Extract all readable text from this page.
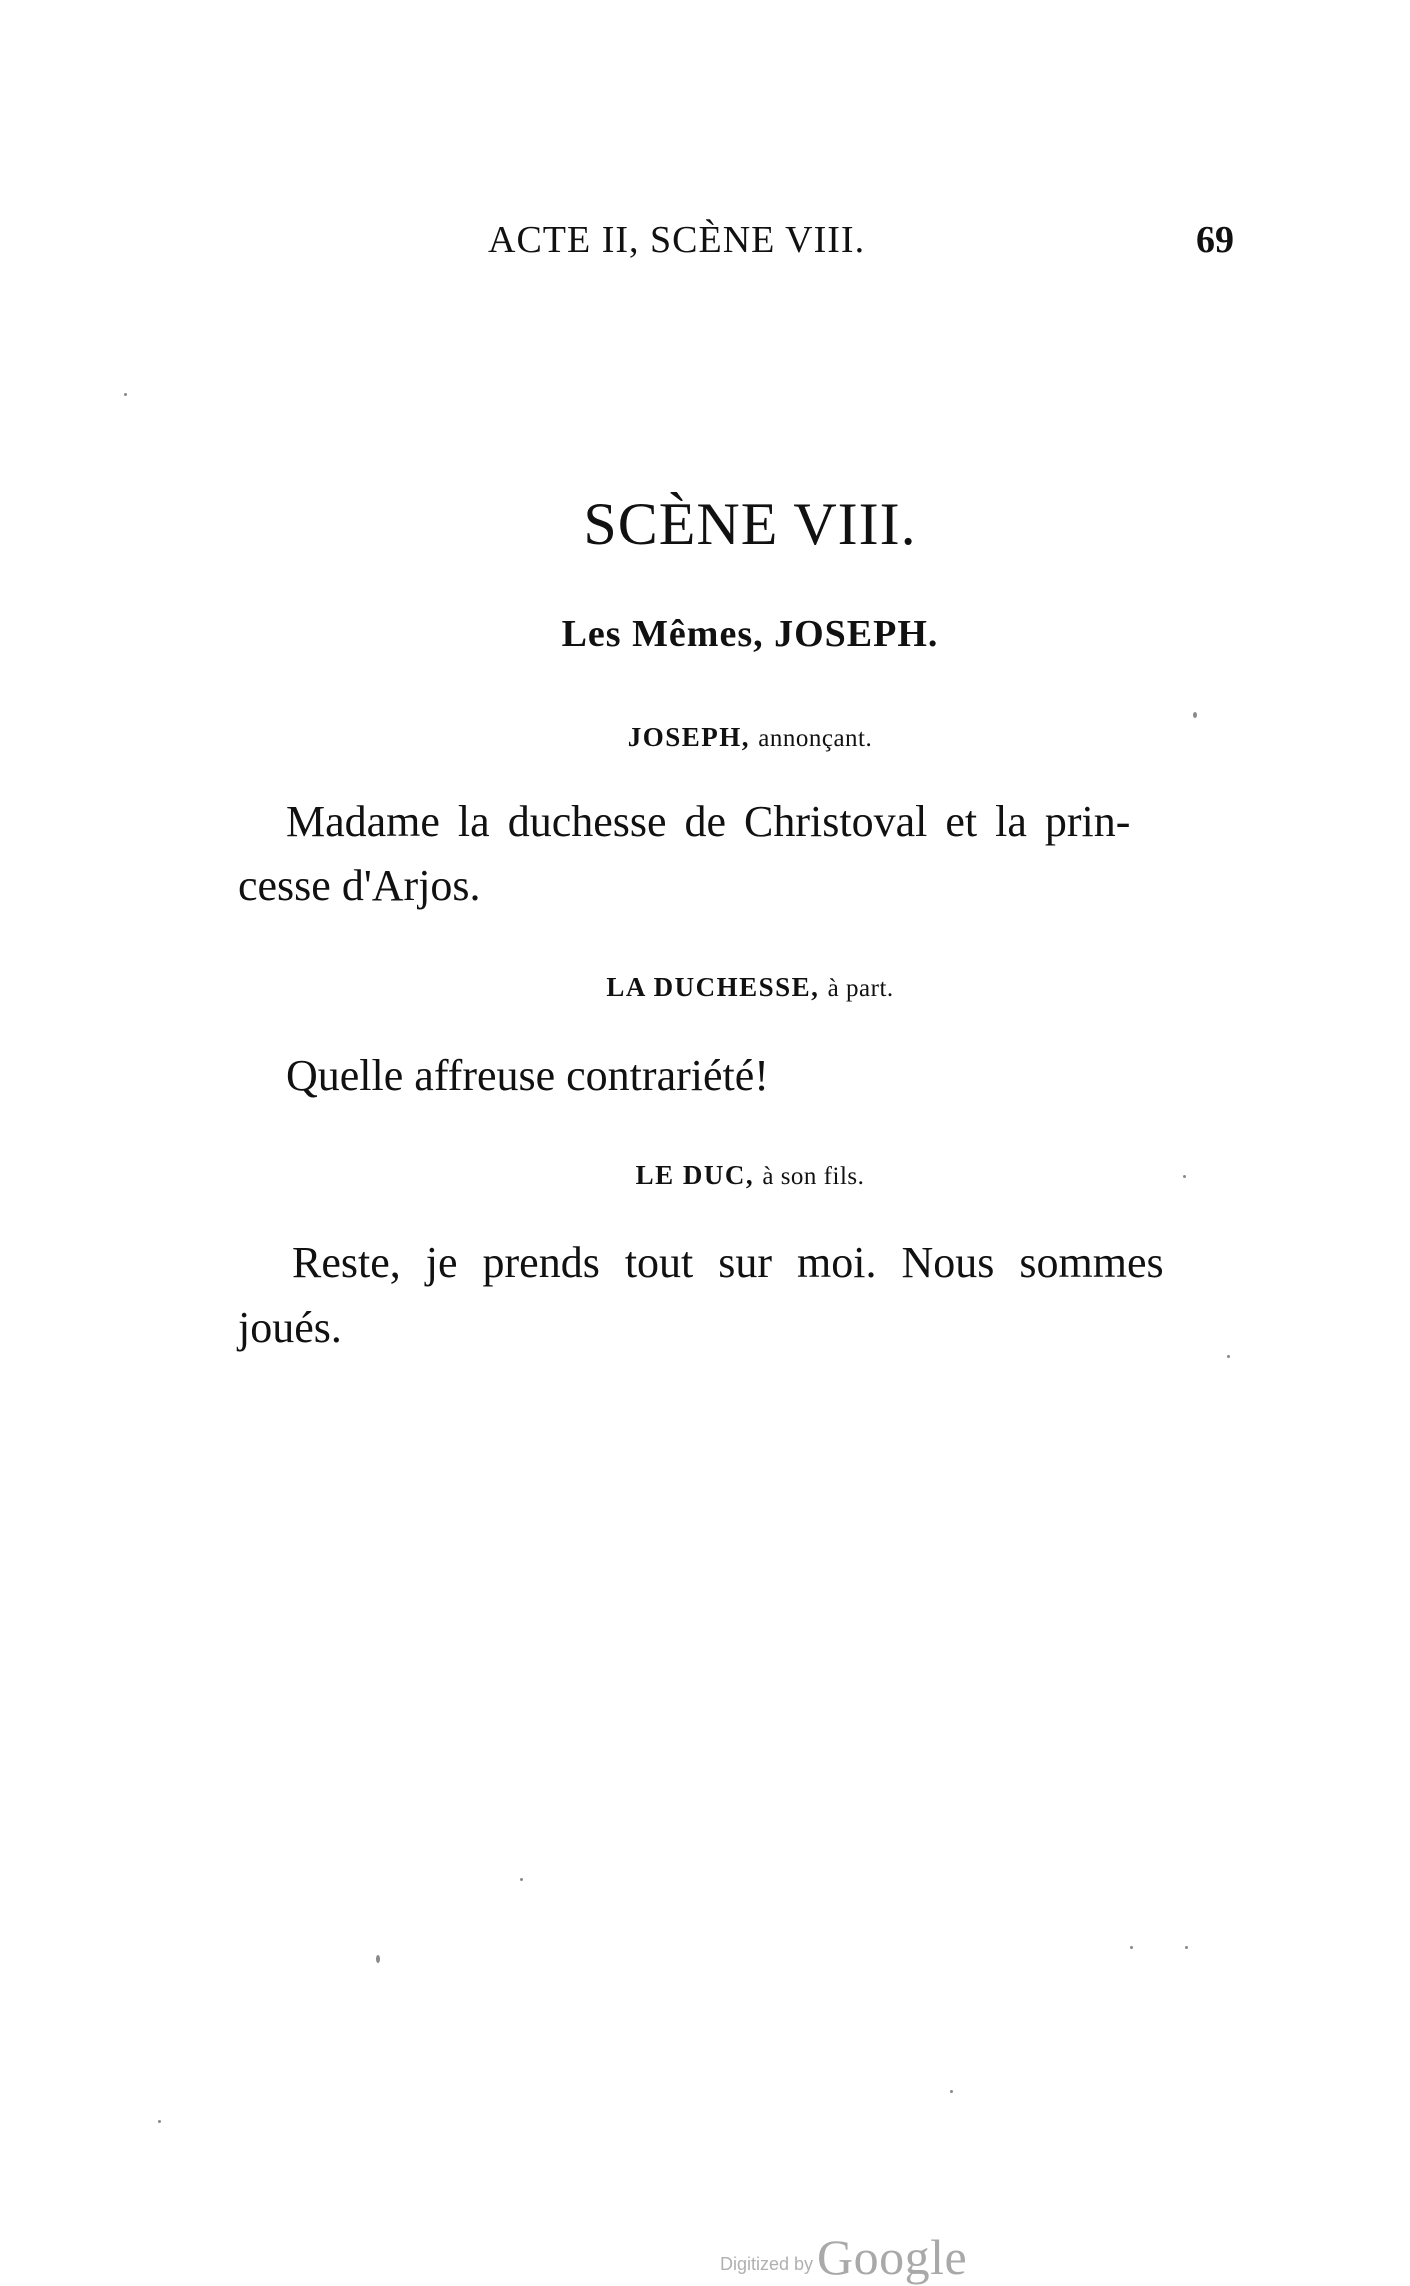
ACTE II, SCÈNE VIII.	69
SCÈNE VIII.
Les Mêmes, JOSEPH.
JOSEPH, annonçant.
Madame la duchesse de Christoval et la prin-
cesse d'Arjos.
LA DUCHESSE, à part.
Quelle affreuse contrariété!
LE DUC, à son fils.
Reste, je prends tout sur moi. Nous sommes
joués.
Digitized byGoogle
